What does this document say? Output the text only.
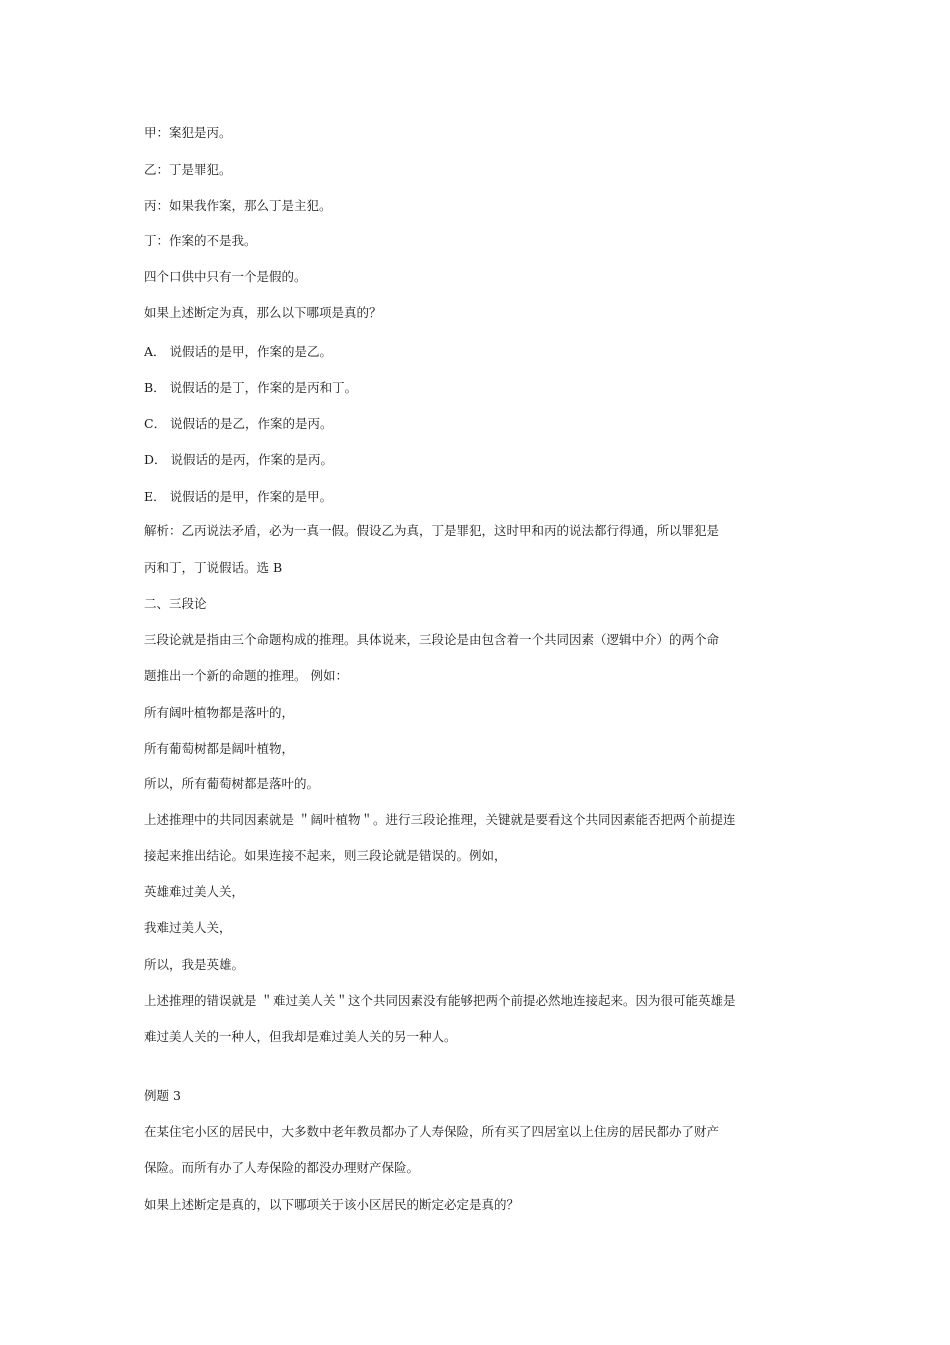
甲：案犯是丙。

乙：丁是罪犯。

丙：如果我作案，那么丁是主犯。

丁：作案的不是我。

四个口供中只有一个是假的。

如果上述断定为真，那么以下哪项是真的？

A． 说假话的是甲，作案的是乙。

B． 说假话的是丁，作案的是丙和丁。

C． 说假话的是乙，作案的是丙。

D． 说假话的是丙，作案的是丙。

E． 说假话的是甲，作案的是甲。

解析：乙丙说法矛盾，必为一真一假。假设乙为真，丁是罪犯，这时甲和丙的说法都行得通，所以罪犯是

丙和丁，丁说假话。选 B

二、三段论

三段论就是指由三个命题构成的推理。具体说来，三段论是由包含着一个共同因素（逻辑中介）的两个命

题推出一个新的命题的推理。 例如：

所有阔叶植物都是落叶的，

所有葡萄树都是阔叶植物，

所以，所有葡萄树都是落叶的。

上述推理中的共同因素就是 ＂阔叶植物＂。进行三段论推理，关键就是要看这个共同因素能否把两个前提连

接起来推出结论。如果连接不起来，则三段论就是错误的。例如，

英雄难过美人关，

我难过美人关，

所以，我是英雄。

上述推理的错误就是 ＂难过美人关＂这个共同因素没有能够把两个前提必然地连接起来。因为很可能英雄是

难过美人关的一种人，但我却是难过美人关的另一种人。

例题 3

在某住宅小区的居民中，大多数中老年教员都办了人寿保险，所有买了四居室以上住房的居民都办了财产

保险。而所有办了人寿保险的都没办理财产保险。

如果上述断定是真的，以下哪项关于该小区居民的断定必定是真的？
